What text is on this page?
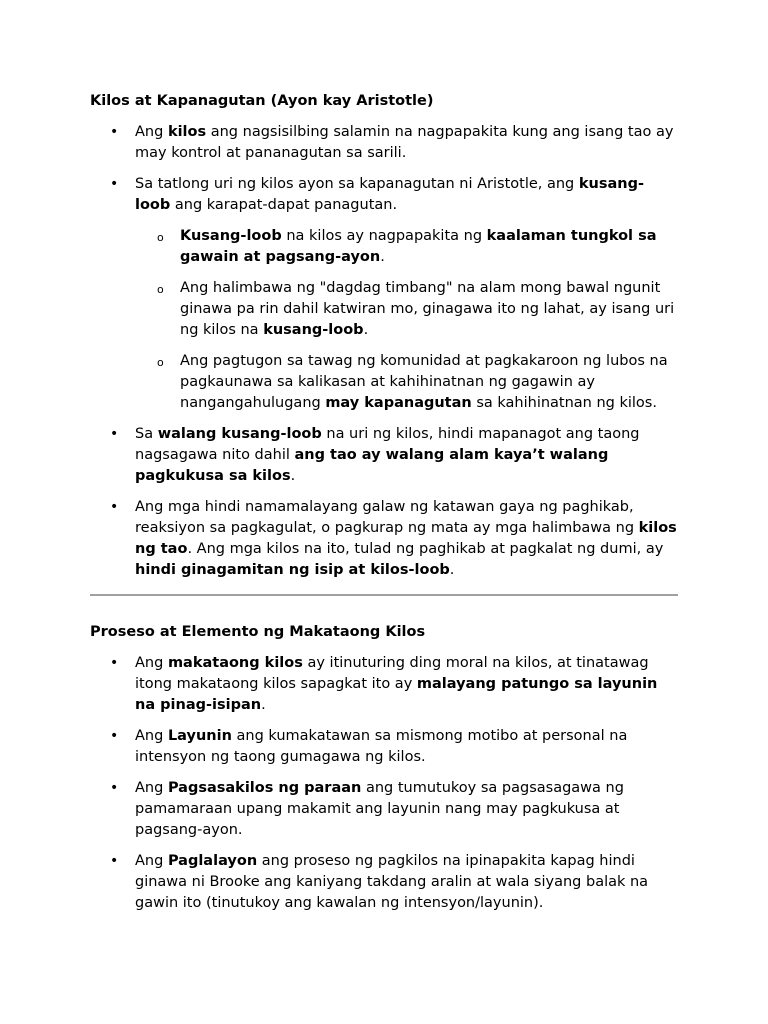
Kilos at Kapanagutan (Ayon kay Aristotle)
• Ang kilos ang nagsisilbing salamin na nagpapakita kung ang isang tao ay may kontrol at pananagutan sa sarili.
• Sa tatlong uri ng kilos ayon sa kapanagutan ni Aristotle, ang kusang-loob ang karapat-dapat panagutan.
o Kusang-loob na kilos ay nagpapakita ng kaalaman tungkol sa gawain at pagsang-ayon.
o Ang halimbawa ng "dagdag timbang" na alam mong bawal ngunit ginawa pa rin dahil katwiran mo, ginagawa ito ng lahat, ay isang uri ng kilos na kusang-loob.
o Ang pagtugon sa tawag ng komunidad at pagkakaroon ng lubos na pagkaunawa sa kalikasan at kahihinatnan ng gagawin ay nangangahulugang may kapanagutan sa kahihinatnan ng kilos.
• Sa walang kusang-loob na uri ng kilos, hindi mapanagot ang taong nagsagawa nito dahil ang tao ay walang alam kaya’t walang pagkukusa sa kilos.
• Ang mga hindi namamalayang galaw ng katawan gaya ng paghikab, reaksiyon sa pagkagulat, o pagkurap ng mata ay mga halimbawa ng kilos ng tao. Ang mga kilos na ito, tulad ng paghikab at pagkalat ng dumi, ay hindi ginagamitan ng isip at kilos-loob.
Proseso at Elemento ng Makataong Kilos
• Ang makataong kilos ay itinuturing ding moral na kilos, at tinatawag itong makataong kilos sapagkat ito ay malayang patungo sa layunin na pinag-isipan.
• Ang Layunin ang kumakatawan sa mismong motibo at personal na intensyon ng taong gumagawa ng kilos.
• Ang Pagsasakilos ng paraan ang tumutukoy sa pagsasagawa ng pamamaraan upang makamit ang layunin nang may pagkukusa at pagsang-ayon.
• Ang Paglalayon ang proseso ng pagkilos na ipinapakita kapag hindi ginawa ni Brooke ang kaniyang takdang aralin at wala siyang balak na gawin ito (tinutukoy ang kawalan ng intensyon/layunin).
